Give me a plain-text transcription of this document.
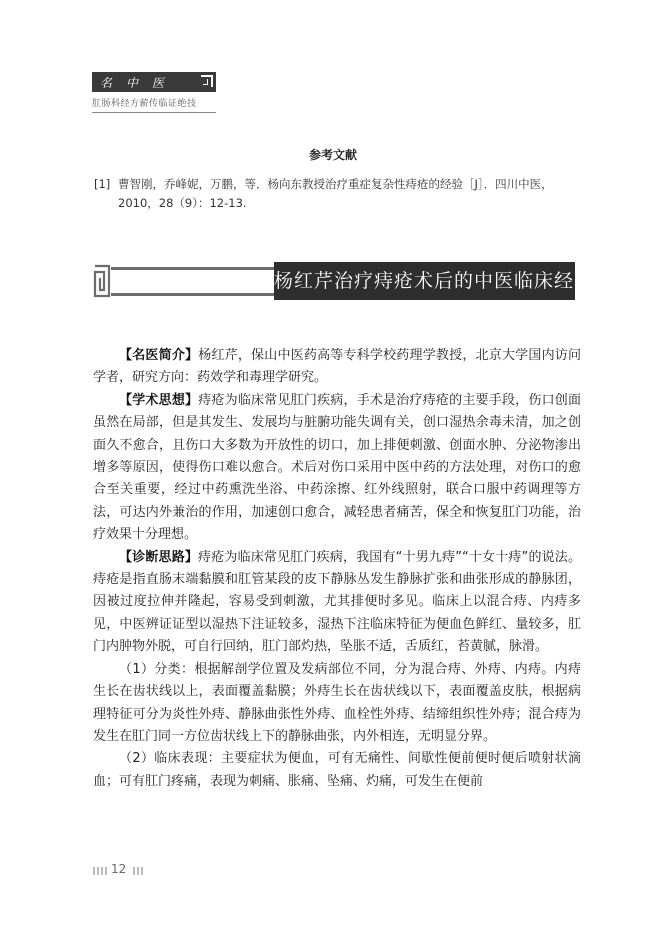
名中医
肛肠科经方薪传临证绝技
参考文献
[1] 曹智刚，乔峰妮，万鹏，等．杨向东教授治疗重症复杂性痔疮的经验［J］．四川中医，2010，28（9）：12-13.
杨红芹治疗痔疮术后的中医临床经验

【名医简介】杨红芹，保山中医药高等专科学校药理学教授，北京大学国内访问学者，研究方向：药效学和毒理学研究。

【学术思想】痔疮为临床常见肛门疾病，手术是治疗痔疮的主要手段，伤口创面虽然在局部，但是其发生、发展均与脏腑功能失调有关，创口湿热余毒未清，加之创面久不愈合，且伤口大多数为开放性的切口，加上排便刺激、创面水肿、分泌物渗出增多等原因，使得伤口难以愈合。术后对伤口采用中医中药的方法处理，对伤口的愈合至关重要，经过中药熏洗坐浴、中药涂擦、红外线照射，联合口服中药调理等方法，可达内外兼治的作用，加速创口愈合，减轻患者痛苦，保全和恢复肛门功能，治疗效果十分理想。

【诊断思路】痔疮为临床常见肛门疾病，我国有“十男九痔”“十女十痔”的说法。痔疮是指直肠末端黏膜和肛管某段的皮下静脉丛发生静脉扩张和曲张形成的静脉团，因被过度拉伸并隆起，容易受到刺激，尤其排便时多见。临床上以混合痔、内痔多见，中医辨证证型以湿热下注证较多，湿热下注临床特征为便血色鲜红、量较多，肛门内肿物外脱，可自行回纳，肛门部灼热，坠胀不适，舌质红，苔黄腻，脉滑。

（1）分类：根据解剖学位置及发病部位不同，分为混合痔、外痔、内痔。内痔生长在齿状线以上，表面覆盖黏膜；外痔生长在齿状线以下，表面覆盖皮肤，根据病理特征可分为炎性外痔、静脉曲张性外痔、血栓性外痔、结缔组织性外痔；混合痔为发生在肛门同一方位齿状线上下的静脉曲张，内外相连，无明显分界。

（2）临床表现：主要症状为便血，可有无痛性、间歇性便前便时便后喷射状滴血；可有肛门疼痛，表现为刺痛、胀痛、坠痛、灼痛，可发生在便前

12
